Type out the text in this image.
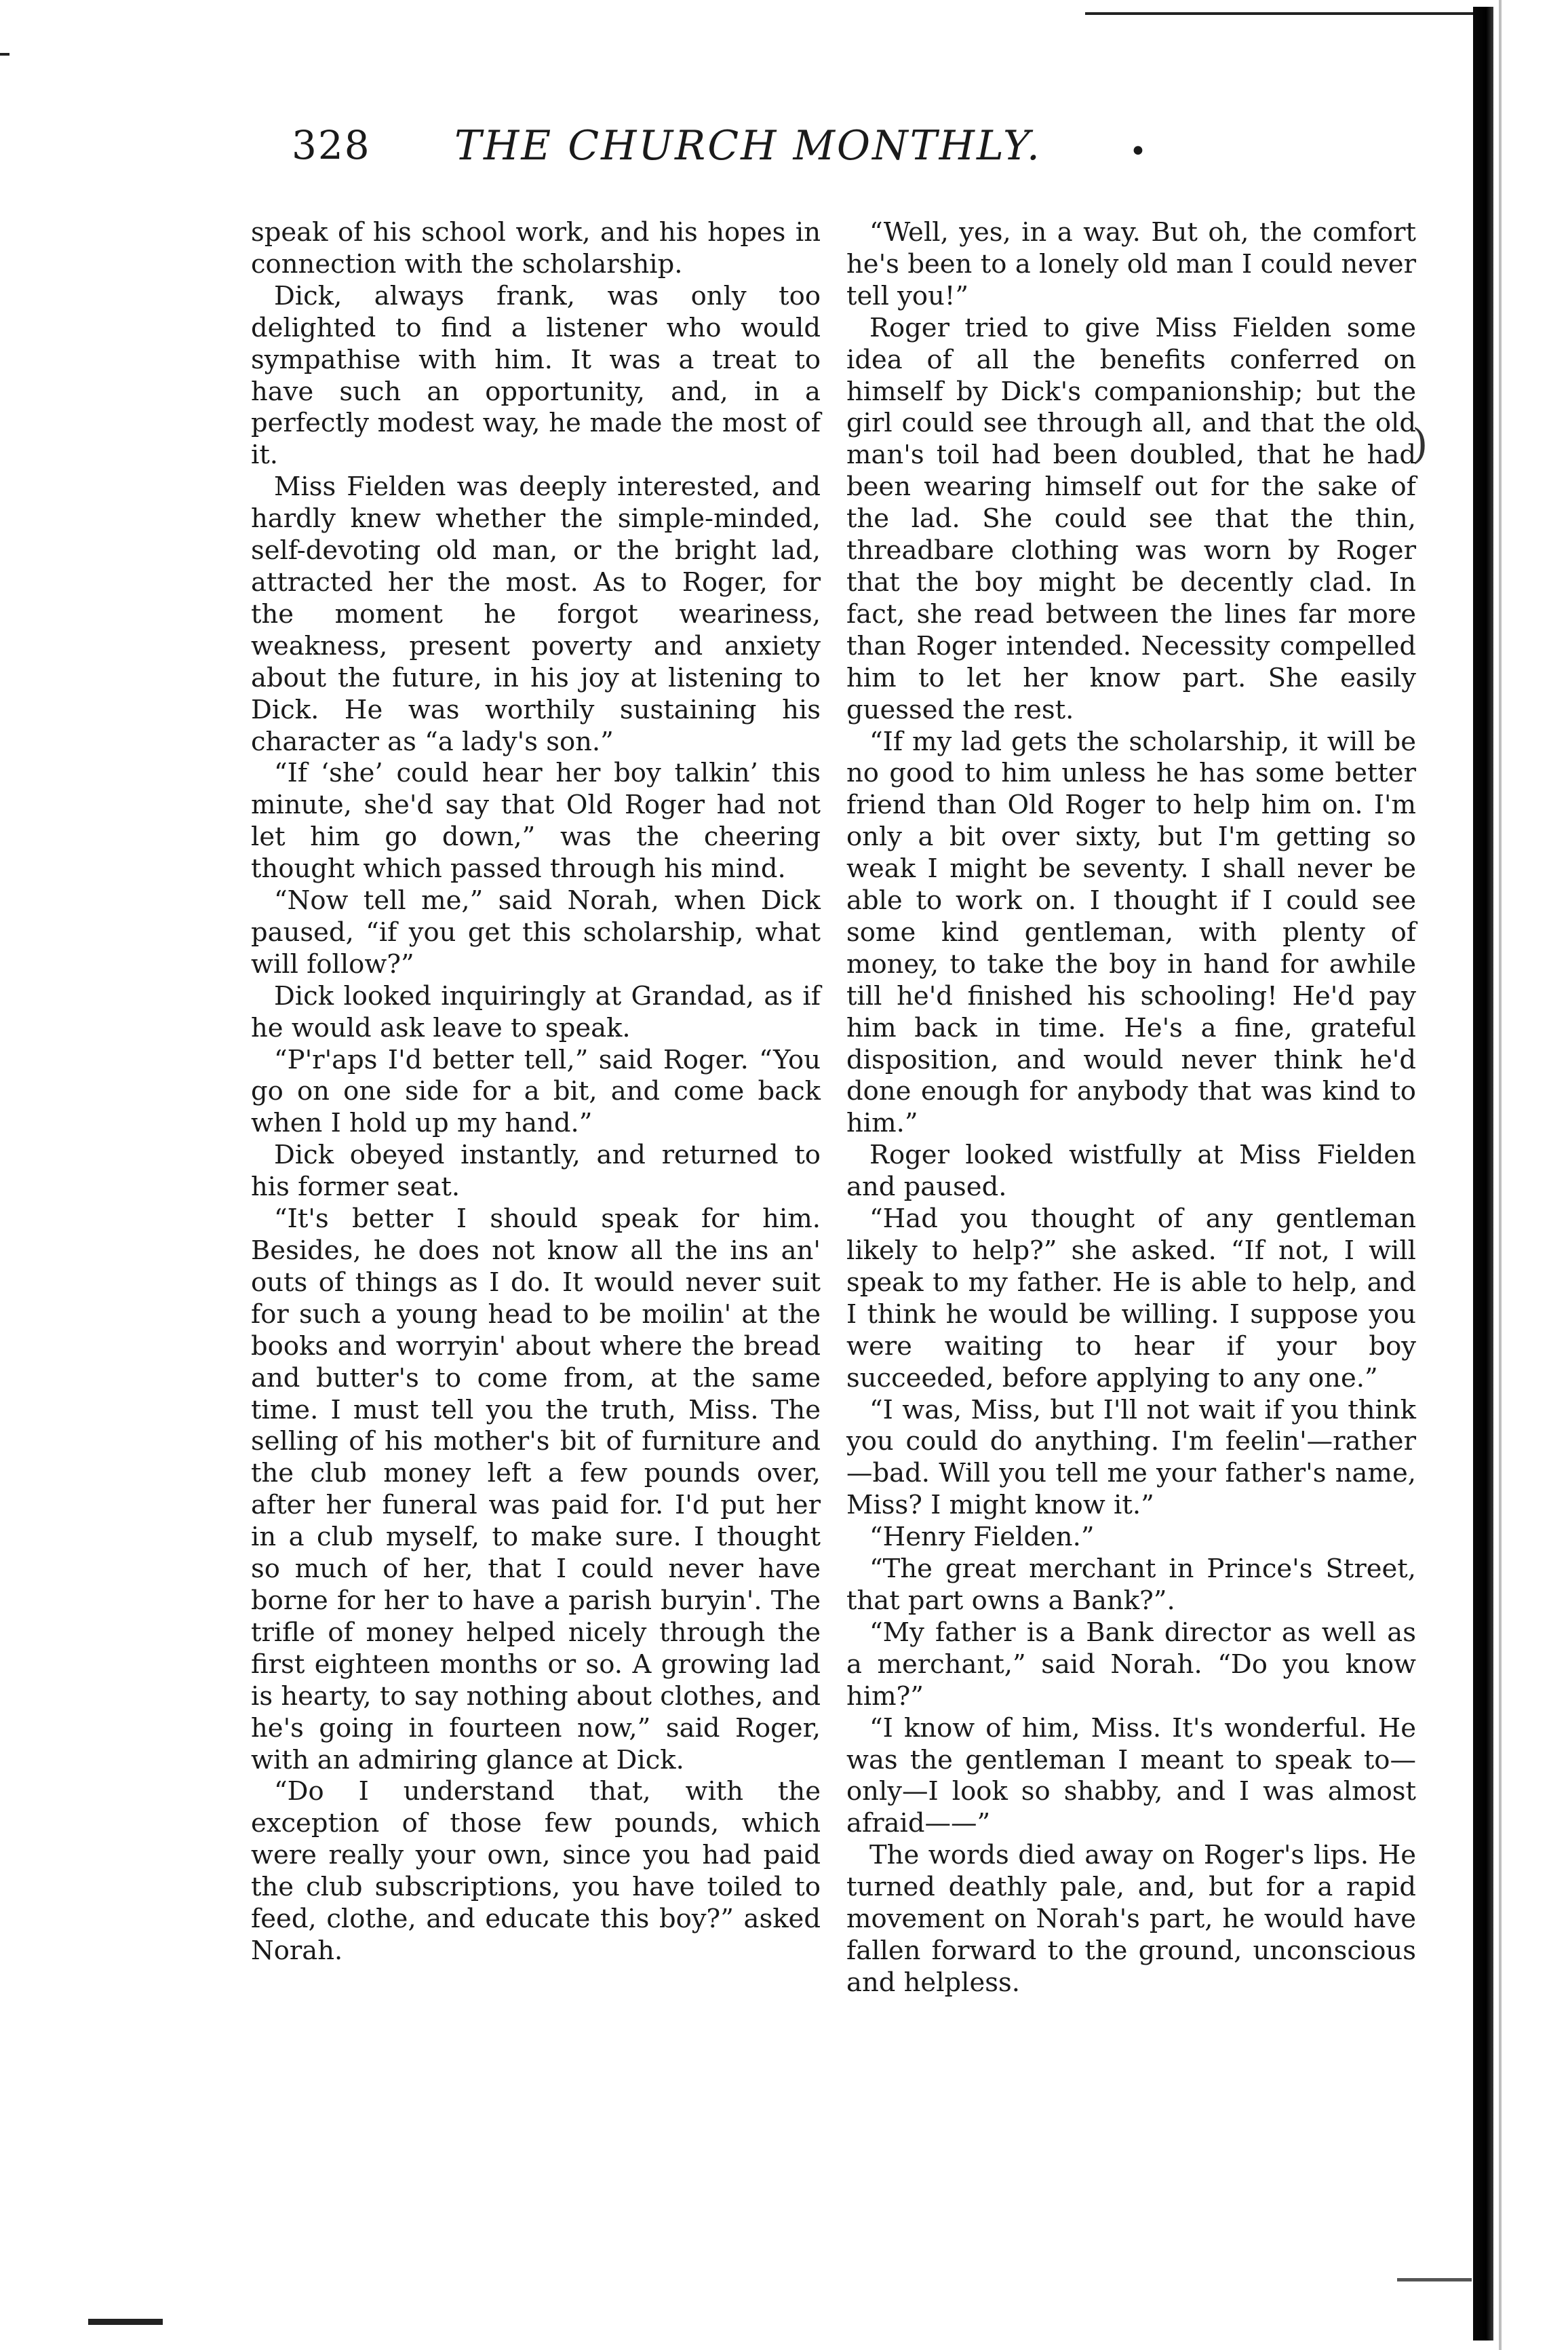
)
328 THE CHURCH MONTHLY.	•

speak of his school work, and his hopes in connection with the scholarship.

Dick, always frank, was only too delighted to find a listener who would sympathise with him. It was a treat to have such an opportunity, and, in a perfectly modest way, he made the most of it.

Miss Fielden was deeply interested, and hardly knew whether the simple-minded, self-devoting old man, or the bright lad, attracted her the most. As to Roger, for the moment he forgot weariness, weakness, present poverty and anxiety about the future, in his joy at listening to Dick. He was worthily sustaining his character as “a lady's son.”

“If ‘she’ could hear her boy talkin’ this minute, she'd say that Old Roger had not let him go down,” was the cheering thought which passed through his mind.

“Now tell me,” said Norah, when Dick paused, “if you get this scholarship, what will follow?”

Dick looked inquiringly at Grandad, as if he would ask leave to speak.

“P'r'aps I'd better tell,” said Roger. “You go on one side for a bit, and come back when I hold up my hand.”

Dick obeyed instantly, and returned to his former seat.

“It's better I should speak for him. Besides, he does not know all the ins an' outs of things as I do. It would never suit for such a young head to be moilin' at the books and worryin' about where the bread and butter's to come from, at the same time. I must tell you the truth, Miss. The selling of his mother's bit of furniture and the club money left a few pounds over, after her funeral was paid for. I'd put her in a club myself, to make sure. I thought so much of her, that I could never have borne for her to have a parish buryin'. The trifle of money helped nicely through the first eighteen months or so. A growing lad is hearty, to say nothing about clothes, and he's going in fourteen now,” said Roger, with an admiring glance at Dick.

“Do I understand that, with the exception of those few pounds, which were really your own, since you had paid the club subscriptions, you have toiled to feed, clothe, and educate this boy?” asked Norah.

“Well, yes, in a way. But oh, the comfort he's been to a lonely old man I could never tell you!”

Roger tried to give Miss Fielden some idea of all the benefits conferred on himself by Dick's companionship; but the girl could see through all, and that the old man's toil had been doubled, that he had been wearing himself out for the sake of the lad. She could see that the thin, threadbare clothing was worn by Roger that the boy might be decently clad. In fact, she read between the lines far more than Roger intended. Necessity compelled him to let her know part. She easily guessed the rest.

“If my lad gets the scholarship, it will be no good to him unless he has some better friend than Old Roger to help him on. I'm only a bit over sixty, but I'm getting so weak I might be seventy. I shall never be able to work on. I thought if I could see some kind gentleman, with plenty of money, to take the boy in hand for awhile till he'd finished his schooling! He'd pay him back in time. He's a fine, grateful disposition, and would never think he'd done enough for anybody that was kind to him.”

Roger looked wistfully at Miss Fielden and paused.

“Had you thought of any gentleman likely to help?” she asked. “If not, I will speak to my father. He is able to help, and I think he would be willing. I suppose you were waiting to hear if your boy succeeded, before applying to any one.”

“I was, Miss, but I'll not wait if you think you could do anything. I'm feelin'—rather—bad. Will you tell me your father's name, Miss? I might know it.”

“Henry Fielden.”

“The great merchant in Prince's Street, that part owns a Bank?”.

“My father is a Bank director as well as a merchant,” said Norah. “Do you know him?”

“I know of him, Miss. It's wonderful. He was the gentleman I meant to speak to—only—I look so shabby, and I was almost afraid——”

The words died away on Roger's lips. He turned deathly pale, and, but for a rapid movement on Norah's part, he would have fallen forward to the ground, unconscious and helpless.
